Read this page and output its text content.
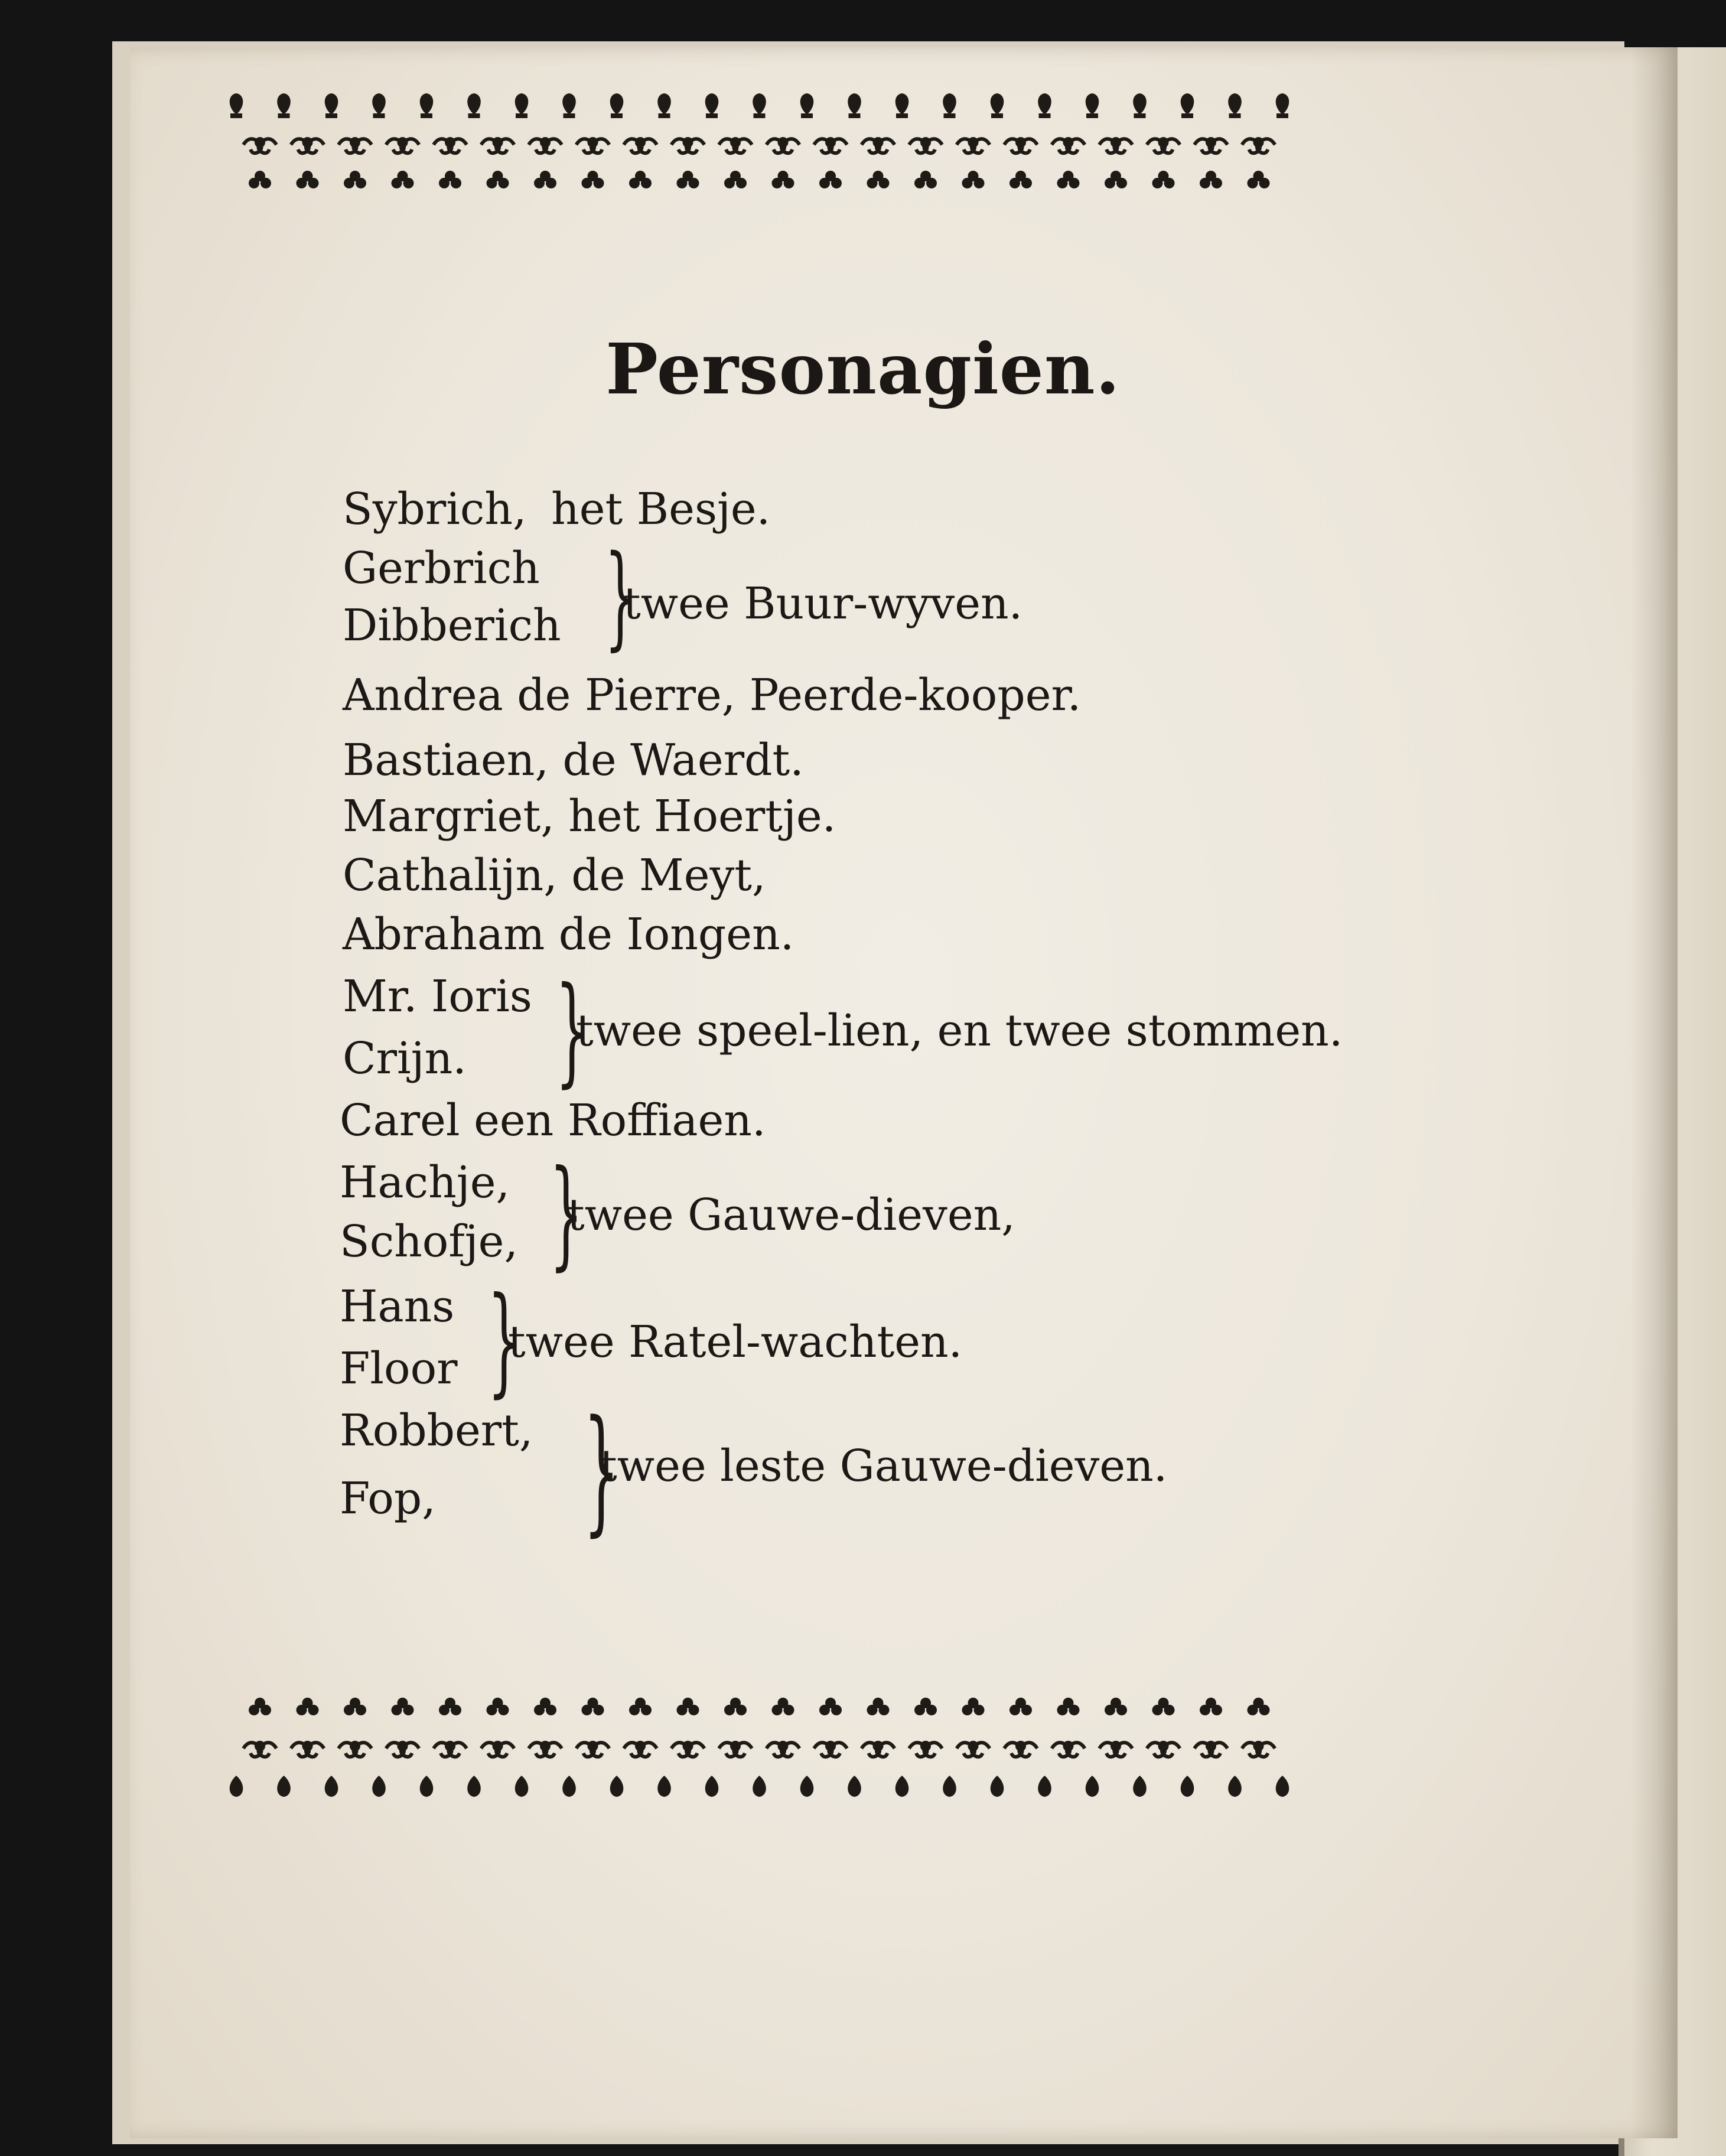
Personagien.
Sybrich, het Besje.
Gerbrich
Dibberich }
twee Buur-wyven.
Andrea de Pierre, Peerde-kooper.
Bastiaen, de Waerdt.
Margriet, het Hoertje.
Cathalijn, de Meyt,
Abraham de Iongen.
Mr. Ioris
Crijn. }
twee speel-lien, en twee stommen.
Carel een Roffiaen.
Hachje,
Schofje, }
twee Gauwe-dieven,
Hans
Floor }
twee Ratel-wachten.
Robbert,
Fop, }
twee leste Gauwe-dieven.
